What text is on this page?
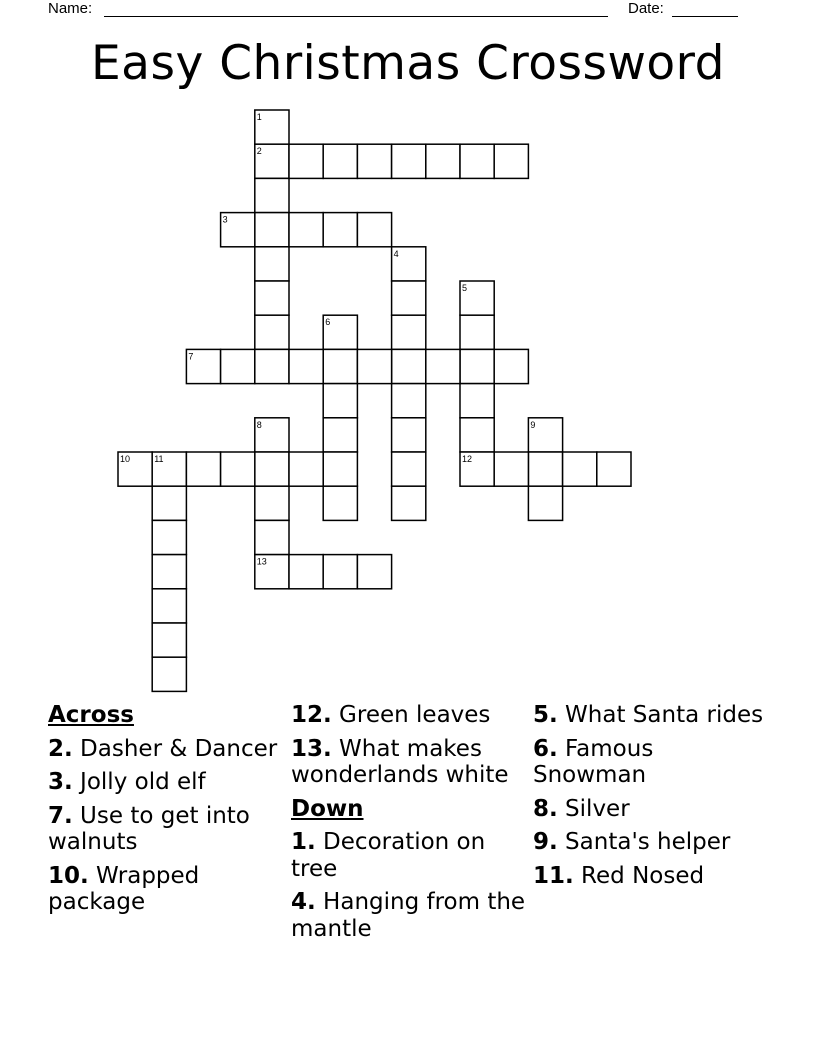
Name:	Date:
Easy Christmas Crossword
1
2
3
4
5
6
7
8	9
10	11	12
13
Across
2. Dasher & Dancer
3. Jolly old elf
7. Use to get into walnuts
10. Wrapped package
12. Green leaves
13. What makes wonderlands white
Down
1. Decoration on tree
4. Hanging from the mantle
5. What Santa rides
6. Famous Snowman
8. Silver
9. Santa's helper
11. Red Nosed
